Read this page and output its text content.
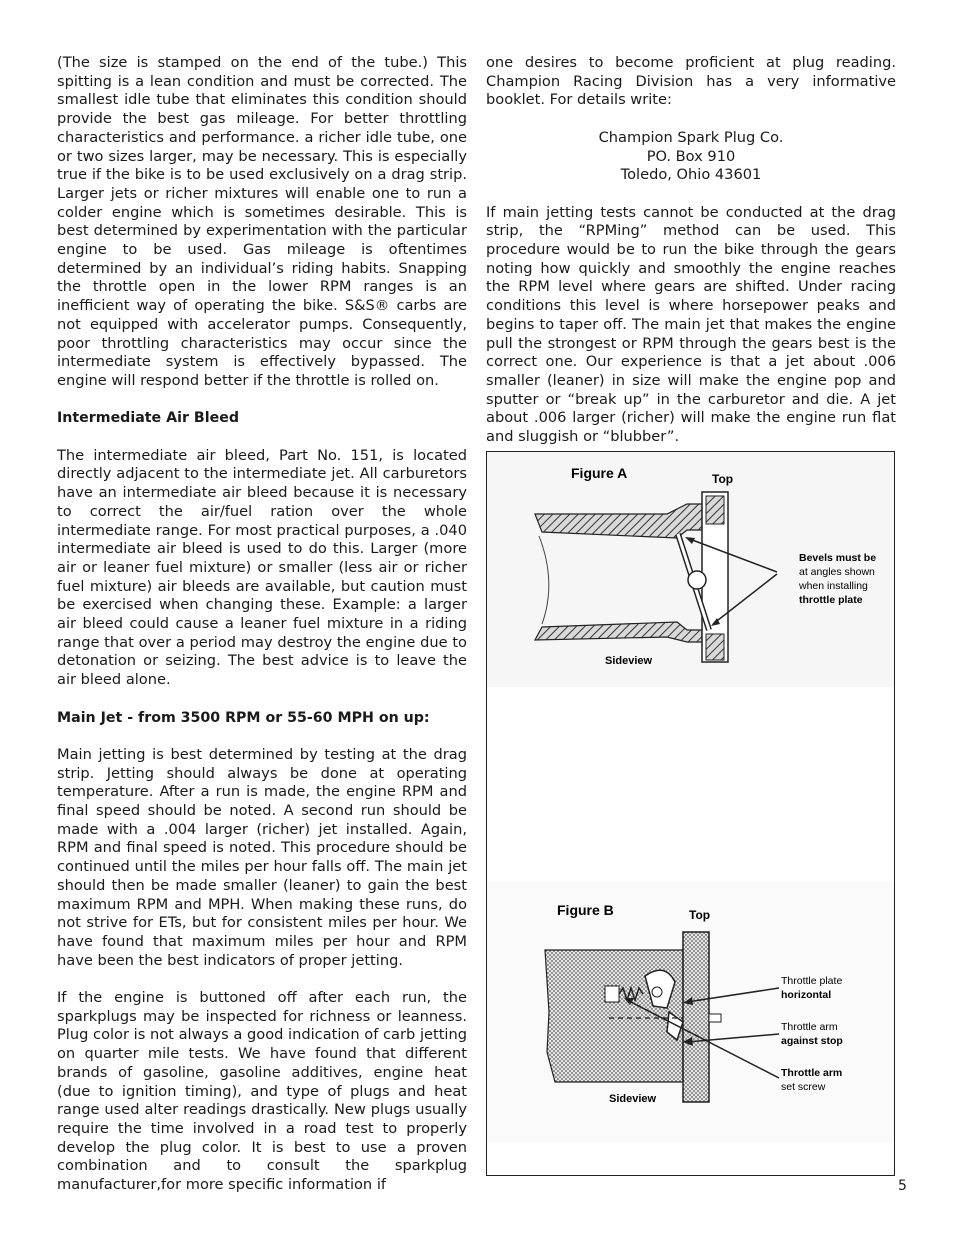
(The size is stamped on the end of the tube.) This spitting is a lean condition and must be corrected. The smallest idle tube that eliminates this condition should provide the best gas mileage. For better throttling characteristics and performance. a richer idle tube, one or two sizes larger, may be necessary. This is especially true if the bike is to be used exclusively on a drag strip. Larger jets or richer mixtures will enable one to run a colder engine which is sometimes desirable. This is best determined by experimentation with the particular engine to be used. Gas mileage is oftentimes determined by an individual’s riding habits. Snapping the throttle open in the lower RPM ranges is an inefficient way of operating the bike. S&S® carbs are not equipped with accelerator pumps. Consequently, poor throttling characteristics may occur since the intermediate system is effectively bypassed. The engine will respond better if the throttle is rolled on.

Intermediate Air Bleed

The intermediate air bleed, Part No. 151, is located directly adjacent to the intermediate jet. All carburetors have an intermediate air bleed because it is necessary to correct the air/fuel ration over the whole intermediate range. For most practical purposes, a .040 intermediate air bleed is used to do this. Larger (more air or leaner fuel mixture) or smaller (less air or richer fuel mixture) air bleeds are available, but caution must be exercised when changing these. Example: a larger air bleed could cause a leaner fuel mixture in a riding range that over a period may destroy the engine due to detonation or seizing. The best advice is to leave the air bleed alone.

Main Jet - from 3500 RPM or 55-60 MPH on up:

Main jetting is best determined by testing at the drag strip. Jetting should always be done at operating temperature. After a run is made, the engine RPM and final speed should be noted. A second run should be made with a .004 larger (richer) jet installed. Again, RPM and final speed is noted. This procedure should be continued until the miles per hour falls off. The main jet should then be made smaller (leaner) to gain the best maximum RPM and MPH. When making these runs, do not strive for ETs, but for consistent miles per hour. We have found that maximum miles per hour and RPM have been the best indicators of proper jetting.

If the engine is buttoned off after each run, the sparkplugs may be inspected for richness or leanness. Plug color is not always a good indication of carb jetting on quarter mile tests. We have found that different brands of gasoline, gasoline additives, engine heat (due to ignition timing), and type of plugs and heat range used alter readings drastically. New plugs usually require the time involved in a road test to properly develop the plug color. It is best to use a proven combination and to consult the sparkplug manufacturer,for more specific information if

one desires to become proficient at plug reading. Champion Racing Division has a very informative booklet. For details write:

Champion Spark Plug Co.
PO. Box 910
Toledo, Ohio 43601

If main jetting tests cannot be conducted at the drag strip, the “RPMing” method can be used. This procedure would be to run the bike through the gears noting how quickly and smoothly the engine reaches the RPM level where gears are shifted. Under racing conditions this level is where horsepower peaks and begins to taper off. The main jet that makes the engine pull the strongest or RPM through the gears best is the correct one. Our experience is that a jet about .006 smaller (leaner) in size will make the engine pop and sputter or “break up” in the carburetor and die. A jet about .006 larger (richer) will make the engine run flat and sluggish or “blubber”.

Figure A	Top
Bevels must be
at angles shown
when installing
throttle plate
Sideview
Figure B	Top
Throttle plate
horizontal
Throttle arm
against stop
Throttle arm
set screw
Sideview
5
